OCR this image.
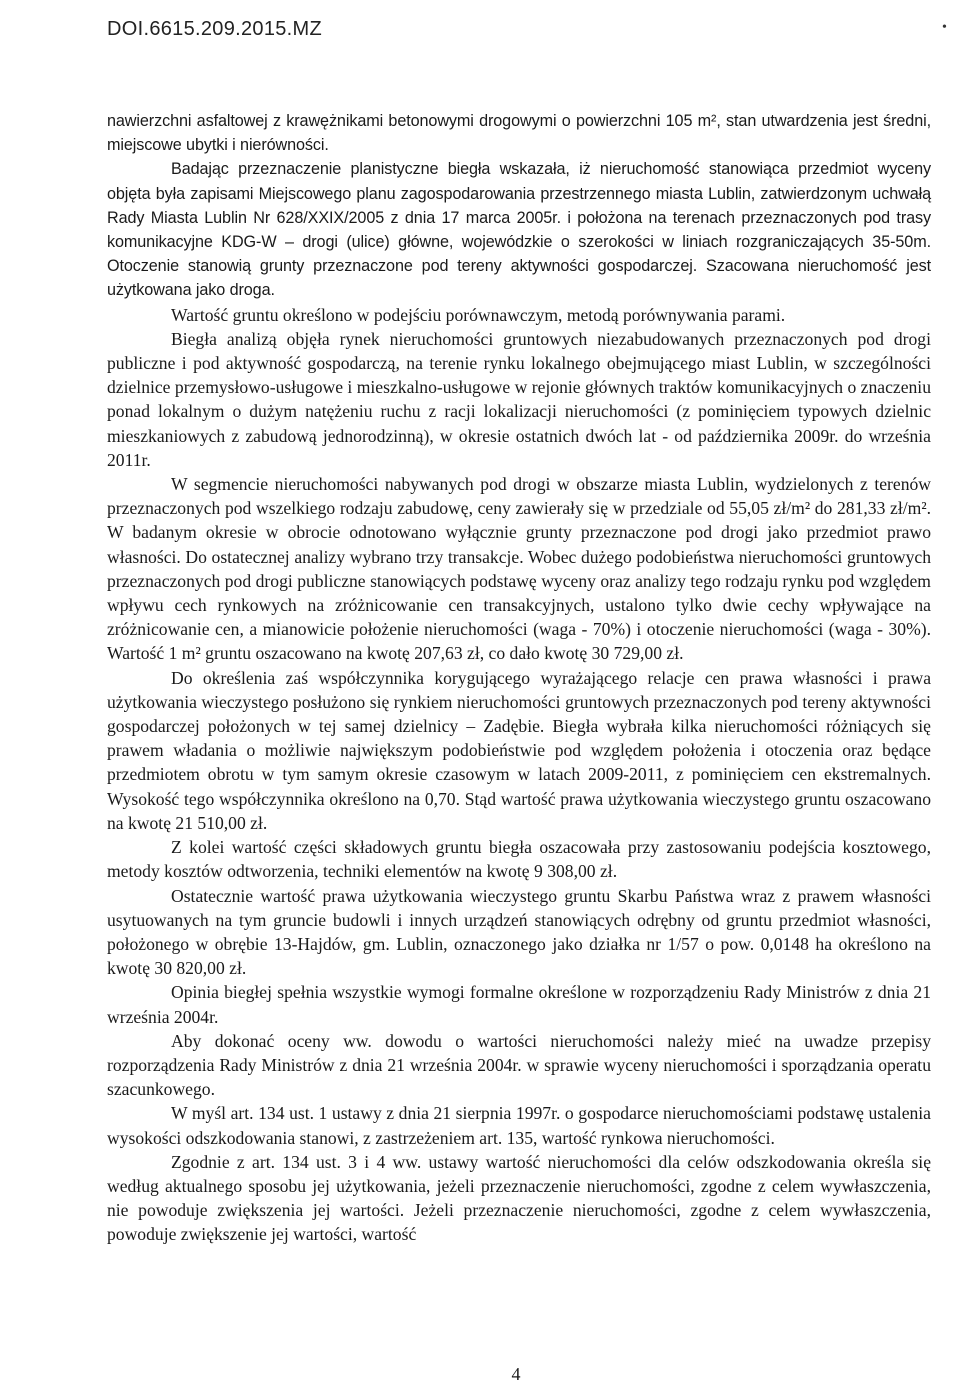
DOI.6615.209.2015.MZ	•

nawierzchni asfaltowej z krawężnikami betonowymi drogowymi o powierzchni 105 m², stan utwardzenia jest średni, miejscowe ubytki i nierówności.

Badając przeznaczenie planistyczne biegła wskazała, iż nieruchomość stanowiąca przedmiot wyceny objęta była zapisami Miejscowego planu zagospodarowania przestrzennego miasta Lublin, zatwierdzonym uchwałą Rady Miasta Lublin Nr 628/XXIX/2005 z dnia 17 marca 2005r. i położona na terenach przeznaczonych pod trasy komunikacyjne KDG-W – drogi (ulice) główne, wojewódzkie o szerokości w liniach rozgraniczających 35-50m. Otoczenie stanowią grunty przeznaczone pod tereny aktywności gospodarczej. Szacowana nieruchomość jest użytkowana jako droga.

Wartość gruntu określono w podejściu porównawczym, metodą porównywania parami.

Biegła analizą objęła rynek nieruchomości gruntowych niezabudowanych przeznaczonych pod drogi publiczne i pod aktywność gospodarczą, na terenie rynku lokalnego obejmującego miast Lublin, w szczególności dzielnice przemysłowo-usługowe i mieszkalno-usługowe w rejonie głównych traktów komunikacyjnych o znaczeniu ponad lokalnym o dużym natężeniu ruchu z racji lokalizacji nieruchomości (z pominięciem typowych dzielnic mieszkaniowych z zabudową jednorodzinną), w okresie ostatnich dwóch lat - od października 2009r. do września 2011r.

W segmencie nieruchomości nabywanych pod drogi w obszarze miasta Lublin, wydzielonych z terenów przeznaczonych pod wszelkiego rodzaju zabudowę, ceny zawierały się w przedziale od 55,05 zł/m² do 281,33 zł/m². W badanym okresie w obrocie odnotowano wyłącznie grunty przeznaczone pod drogi jako przedmiot prawo własności. Do ostatecznej analizy wybrano trzy transakcje. Wobec dużego podobieństwa nieruchomości gruntowych przeznaczonych pod drogi publiczne stanowiących podstawę wyceny oraz analizy tego rodzaju rynku pod względem wpływu cech rynkowych na zróżnicowanie cen transakcyjnych, ustalono tylko dwie cechy wpływające na zróżnicowanie cen, a mianowicie położenie nieruchomości (waga - 70%) i otoczenie nieruchomości (waga - 30%). Wartość 1 m² gruntu oszacowano na kwotę 207,63 zł, co dało kwotę 30 729,00 zł.

Do określenia zaś współczynnika korygującego wyrażającego relacje cen prawa własności i prawa użytkowania wieczystego posłużono się rynkiem nieruchomości gruntowych przeznaczonych pod tereny aktywności gospodarczej położonych w tej samej dzielnicy – Zadębie. Biegła wybrała kilka nieruchomości różniących się prawem władania o możliwie największym podobieństwie pod względem położenia i otoczenia oraz będące przedmiotem obrotu w tym samym okresie czasowym w latach 2009-2011, z pominięciem cen ekstremalnych. Wysokość tego współczynnika określono na 0,70. Stąd wartość prawa użytkowania wieczystego gruntu oszacowano na kwotę 21 510,00 zł.

Z kolei wartość części składowych gruntu biegła oszacowała przy zastosowaniu podejścia kosztowego, metody kosztów odtworzenia, techniki elementów na kwotę 9 308,00 zł.

Ostatecznie wartość prawa użytkowania wieczystego gruntu Skarbu Państwa wraz z prawem własności usytuowanych na tym gruncie budowli i innych urządzeń stanowiących odrębny od gruntu przedmiot własności, położonego w obrębie 13-Hajdów, gm. Lublin, oznaczonego jako działka nr 1/57 o pow. 0,0148 ha określono na kwotę 30 820,00 zł.

Opinia biegłej spełnia wszystkie wymogi formalne określone w rozporządzeniu Rady Ministrów z dnia 21 września 2004r.

Aby dokonać oceny ww. dowodu o wartości nieruchomości należy mieć na uwadze przepisy rozporządzenia Rady Ministrów z dnia 21 września 2004r. w sprawie wyceny nieruchomości i sporządzania operatu szacunkowego.

W myśl art. 134 ust. 1 ustawy z dnia 21 sierpnia 1997r. o gospodarce nieruchomościami podstawę ustalenia wysokości odszkodowania stanowi, z zastrzeżeniem art. 135, wartość rynkowa nieruchomości.

Zgodnie z art. 134 ust. 3 i 4 ww. ustawy wartość nieruchomości dla celów odszkodowania określa się według aktualnego sposobu jej użytkowania, jeżeli przeznaczenie nieruchomości, zgodne z celem wywłaszczenia, nie powoduje zwiększenia jej wartości. Jeżeli przeznaczenie nieruchomości, zgodne z celem wywłaszczenia, powoduje zwiększenie jej wartości, wartość

4
